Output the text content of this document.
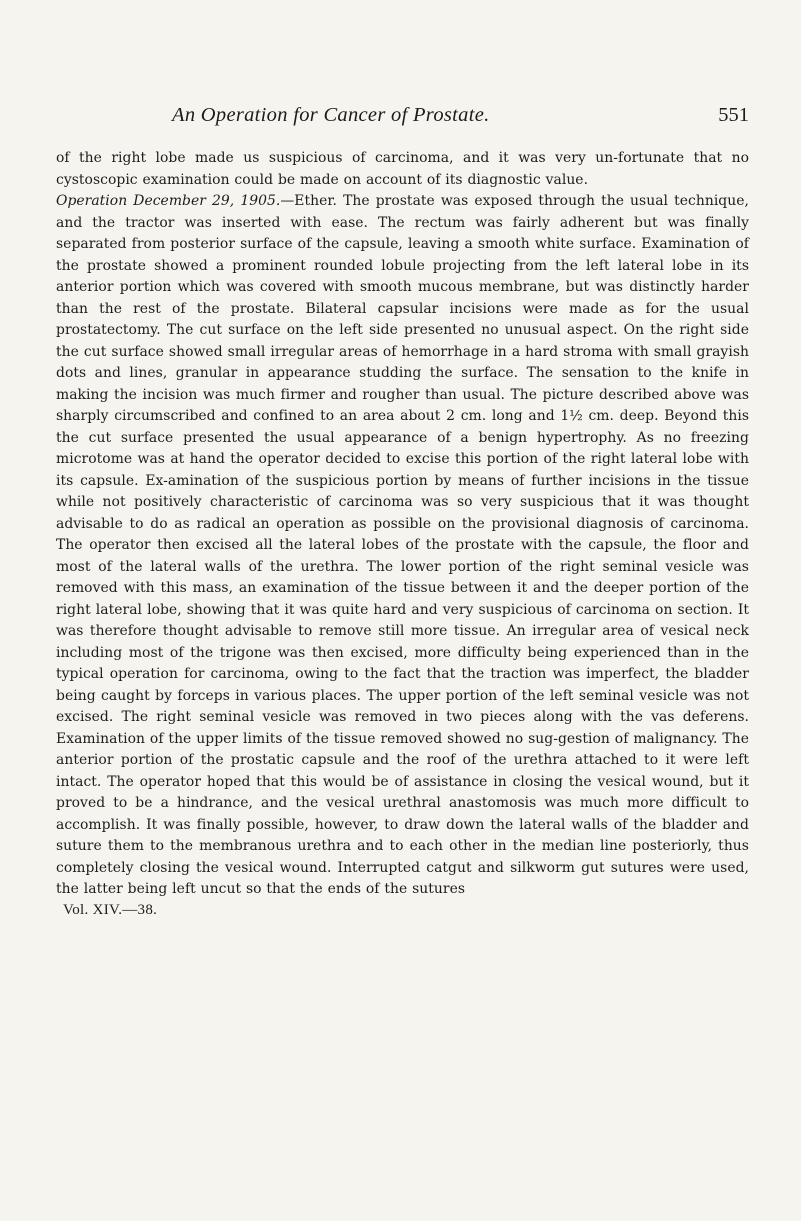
An Operation for Cancer of Prostate.	551

of the right lobe made us suspicious of carcinoma, and it was very un-fortunate that no cystoscopic examination could be made on account of its diagnostic value.

Operation December 29, 1905.—Ether. The prostate was exposed through the usual technique, and the tractor was inserted with ease. The rectum was fairly adherent but was finally separated from posterior surface of the capsule, leaving a smooth white surface. Examination of the prostate showed a prominent rounded lobule projecting from the left lateral lobe in its anterior portion which was covered with smooth mucous membrane, but was distinctly harder than the rest of the prostate. Bilateral capsular incisions were made as for the usual prostatectomy. The cut surface on the left side presented no unusual aspect. On the right side the cut surface showed small irregular areas of hemorrhage in a hard stroma with small grayish dots and lines, granular in appearance studding the surface. The sensation to the knife in making the incision was much firmer and rougher than usual. The picture described above was sharply circumscribed and confined to an area about 2 cm. long and 1½ cm. deep. Beyond this the cut surface presented the usual appearance of a benign hypertrophy. As no freezing microtome was at hand the operator decided to excise this portion of the right lateral lobe with its capsule. Ex-amination of the suspicious portion by means of further incisions in the tissue while not positively characteristic of carcinoma was so very suspicious that it was thought advisable to do as radical an operation as possible on the provisional diagnosis of carcinoma. The operator then excised all the lateral lobes of the prostate with the capsule, the floor and most of the lateral walls of the urethra. The lower portion of the right seminal vesicle was removed with this mass, an examination of the tissue between it and the deeper portion of the right lateral lobe, showing that it was quite hard and very suspicious of carcinoma on section. It was therefore thought advisable to remove still more tissue. An irregular area of vesical neck including most of the trigone was then excised, more difficulty being experienced than in the typical operation for carcinoma, owing to the fact that the traction was imperfect, the bladder being caught by forceps in various places. The upper portion of the left seminal vesicle was not excised. The right seminal vesicle was removed in two pieces along with the vas deferens. Examination of the upper limits of the tissue removed showed no sug-gestion of malignancy. The anterior portion of the prostatic capsule and the roof of the urethra attached to it were left intact. The operator hoped that this would be of assistance in closing the vesical wound, but it proved to be a hindrance, and the vesical urethral anastomosis was much more difficult to accomplish. It was finally possible, however, to draw down the lateral walls of the bladder and suture them to the membranous urethra and to each other in the median line posteriorly, thus completely closing the vesical wound. Interrupted catgut and silkworm gut sutures were used, the latter being left uncut so that the ends of the sutures

Vol. XIV.—38.
